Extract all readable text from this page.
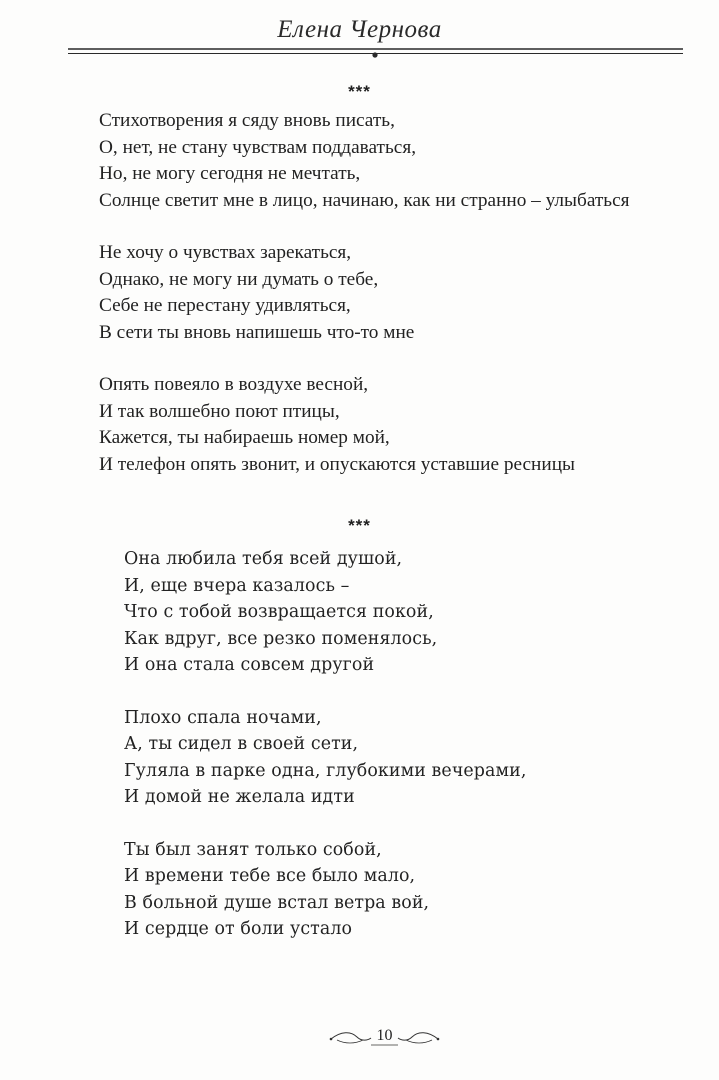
Елена Чернова
***
Стихотворения я сяду вновь писать,
О, нет, не стану чувствам поддаваться,
Но, не могу сегодня не мечтать,
Солнце светит мне в лицо, начинаю, как ни странно – улыбаться
Не хочу о чувствах зарекаться,
Однако, не могу ни думать о тебе,
Себе не перестану удивляться,
В сети ты вновь напишешь что-то мне
Опять повеяло в воздухе весной,
И так волшебно поют птицы,
Кажется, ты набираешь номер мой,
И телефон опять звонит, и опускаются уставшие ресницы
***
Она любила тебя всей душой,
И, еще вчера казалось –
Что с тобой возвращается покой,
Как вдруг, все резко поменялось,
И она стала совсем другой
Плохо спала ночами,
А, ты сидел в своей сети,
Гуляла в парке одна, глубокими вечерами,
И домой не желала идти
Ты был занят только собой,
И времени тебе все было мало,
В больной душе встал ветра вой,
И сердце от боли устало
10
